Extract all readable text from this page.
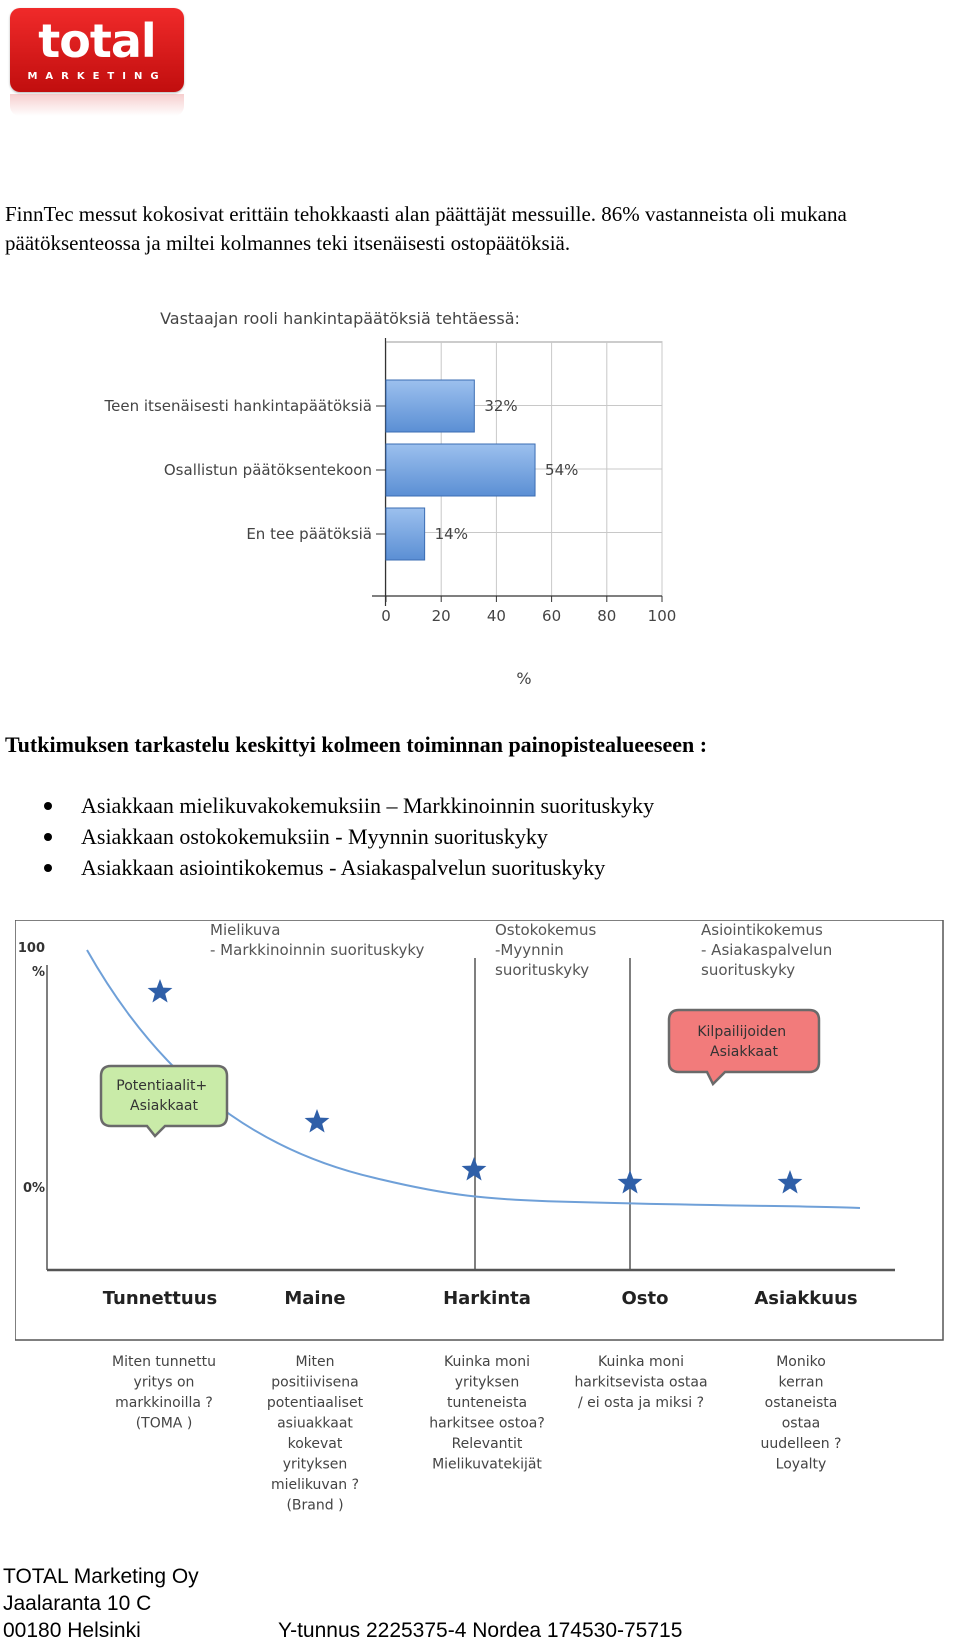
total
MARKETING
FinnTec messut kokosivat erittäin tehokkaasti alan päättäjät messuille. 86% vastanneista oli mukana päätöksenteossa ja miltei kolmannes teki itsenäisesti ostopäätöksiä.
Vastaajan rooli hankintapäätöksiä tehtäessä:
0	20 40 60 80 100
Teen itsenäisesti hankintapäätöksiä	32%
Osallistun päätöksentekoon	54%
En tee päätöksiä	14%
%
Tutkimuksen tarkastelu keskittyi kolmeen toiminnan painopistealueeseen :
Asiakkaan mielikuvakokemuksiin – Markkinoinnin suorituskyky
Asiakkaan ostokokemuksiin - Myynnin suorituskyky
Asiakkaan asiointikokemus - Asiakaspalvelun suorituskyky
100
%
0%
Mielikuva - Markkinoinnin suorituskyky
Ostokokemus -Myynnin suorituskyky
Asiointikokemus - Asiakaspalvelun suorituskyky
Potentiaalit+ Asiakkaat
Kilpailijoiden Asiakkaat
Tunnettuus	Maine	Harkinta	Osto	Asiakkuus
Miten tunnettu yritys on markkinoilla ? (TOMA )
Miten positiivisena potentiaaliset asiuakkaat kokevat yrityksen mielikuvan ? (Brand )
Kuinka moni yrityksen tunteneista harkitsee ostoa? Relevantit Mielikuvatekijät
Kuinka moni harkitsevista ostaa / ei osta ja miksi ?
Moniko kerran ostaneista ostaa uudelleen ? Loyalty
TOTAL Marketing Oy
Jaalaranta 10 C
00180 Helsinki	Y-tunnus 2225375-4 Nordea 174530-75715
